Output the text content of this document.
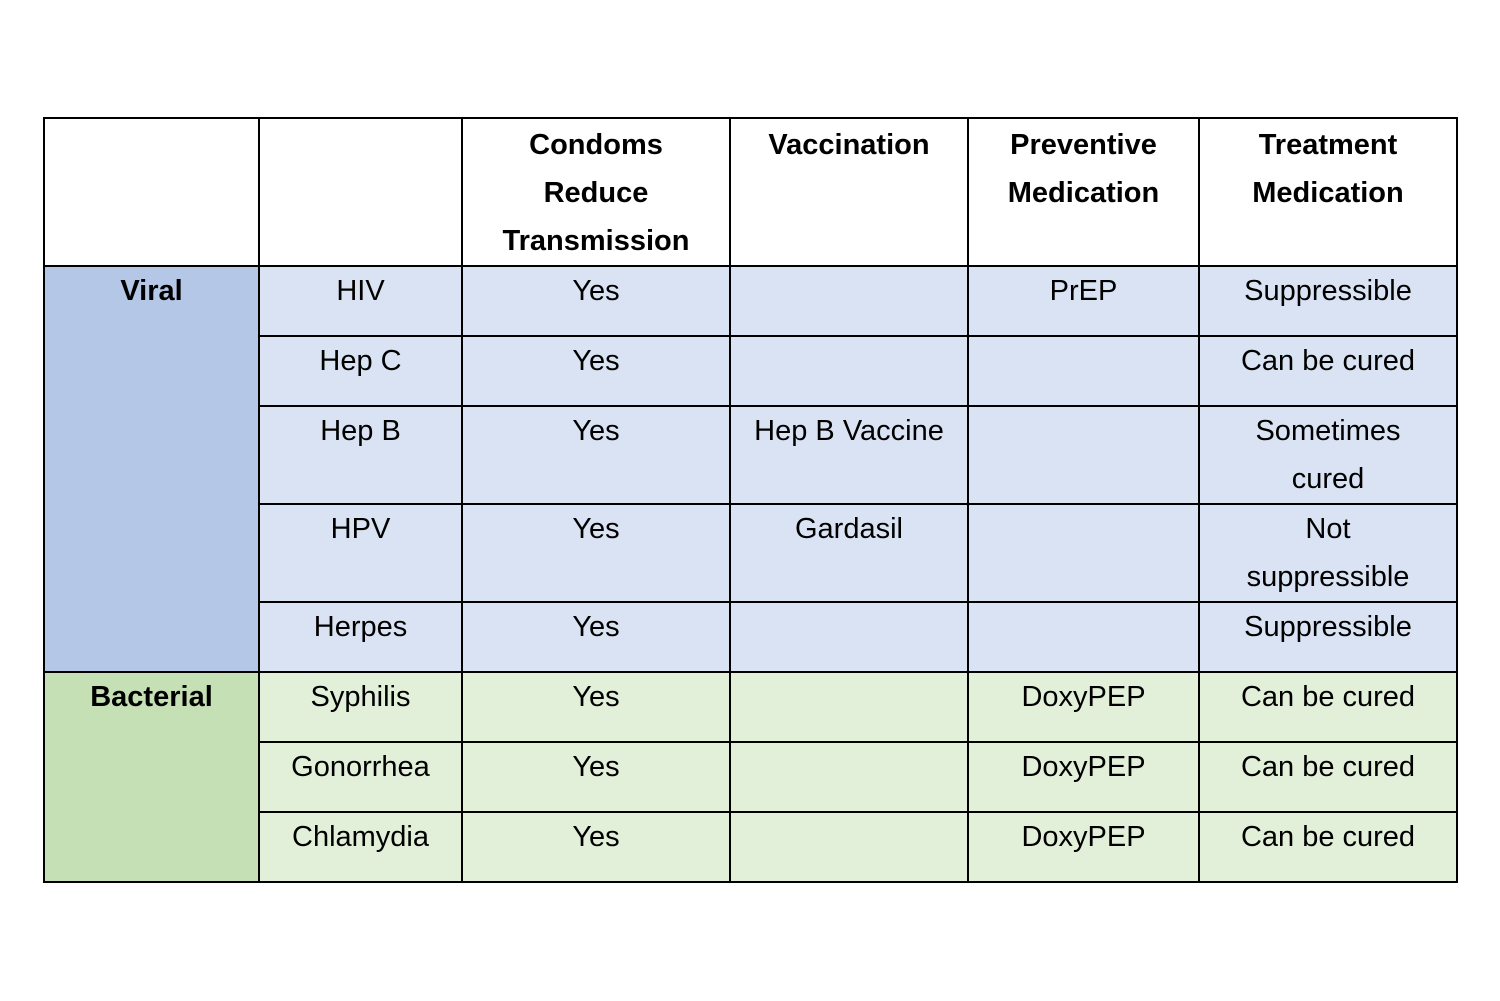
		Condoms
Reduce
Transmission	Vaccination	Preventive
Medication	Treatment
Medication

Viral	HIV	Yes		PrEP	Suppressible
	Hep C	Yes			Can be cured
	Hep B	Yes	Hep B Vaccine		Sometimes cured
	HPV	Yes	Gardasil		Not suppressible
	Herpes	Yes			Suppressible
Bacterial	Syphilis	Yes		DoxyPEP	Can be cured
	Gonorrhea	Yes		DoxyPEP	Can be cured
	Chlamydia	Yes		DoxyPEP	Can be cured
